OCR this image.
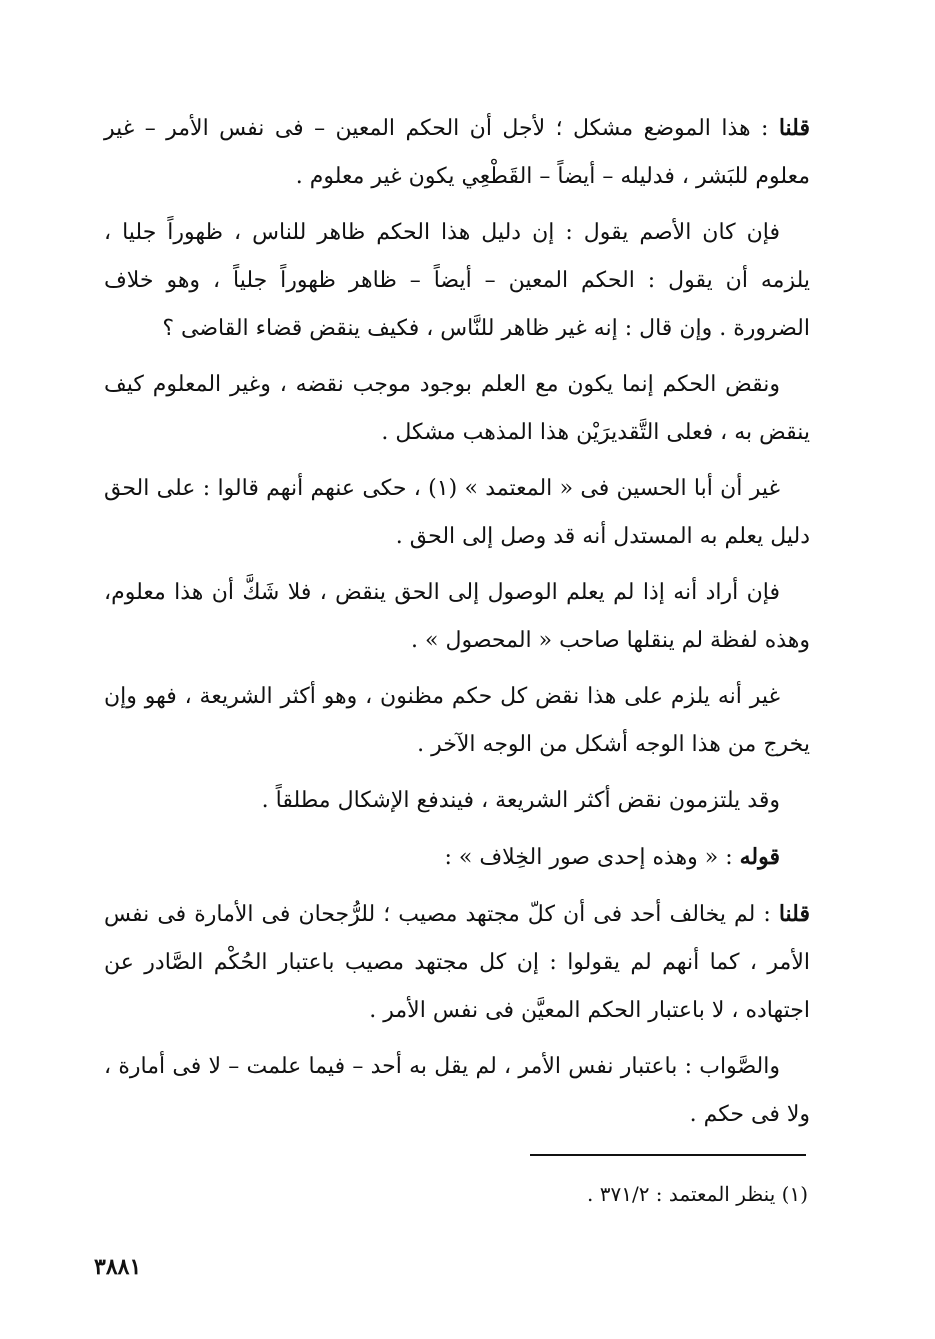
قلنا : هذا الموضع مشكل ؛ لأجل أن الحكم المعين – فى نفس الأمر – غير معلوم للبَشر ، فدليله – أيضاً – القَطْعِي يكون غير معلوم .

فإن كان الأصم يقول : إن دليل هذا الحكم ظاهر للناس ، ظهوراً جليا ، يلزمه أن يقول : الحكم المعين – أيضاً – ظاهر ظهوراً جلياً ، وهو خلاف الضرورة . وإن قال : إنه غير ظاهر للنَّاس ، فكيف ينقض قضاء القاضى ؟

ونقض الحكم إنما يكون مع العلم بوجود موجب نقضه ، وغير المعلوم كيف ينقض به ، فعلى التَّقديرَيْن هذا المذهب مشكل .

غير أن أبا الحسين فى « المعتمد » (١) ، حكى عنهم أنهم قالوا : على الحق دليل يعلم به المستدل أنه قد وصل إلى الحق .

فإن أراد أنه إذا لم يعلم الوصول إلى الحق ينقض ، فلا شَكَّ أن هذا معلوم، وهذه لفظة لم ينقلها صاحب « المحصول » .

غير أنه يلزم على هذا نقض كل حكم مظنون ، وهو أكثر الشريعة ، فهو وإن يخرج من هذا الوجه أشكل من الوجه الآخر .

وقد يلتزمون نقض أكثر الشريعة ، فيندفع الإشكال مطلقاً .

قوله : « وهذه إحدى صور الخِلاف » :

قلنا : لم يخالف أحد فى أن كلّ مجتهد مصيب ؛ للرُّجحان فى الأمارة فى نفس الأمر ، كما أنهم لم يقولوا : إن كل مجتهد مصيب باعتبار الحُكْم الصَّادر عن اجتهاده ، لا باعتبار الحكم المعيَّن فى نفس الأمر .

والصَّواب : باعتبار نفس الأمر ، لم يقل به أحد – فيما علمت – لا فى أمارة ، ولا فى حكم .

(١) ينظر المعتمد : ٣٧١/٢ .
٣٨٨١
